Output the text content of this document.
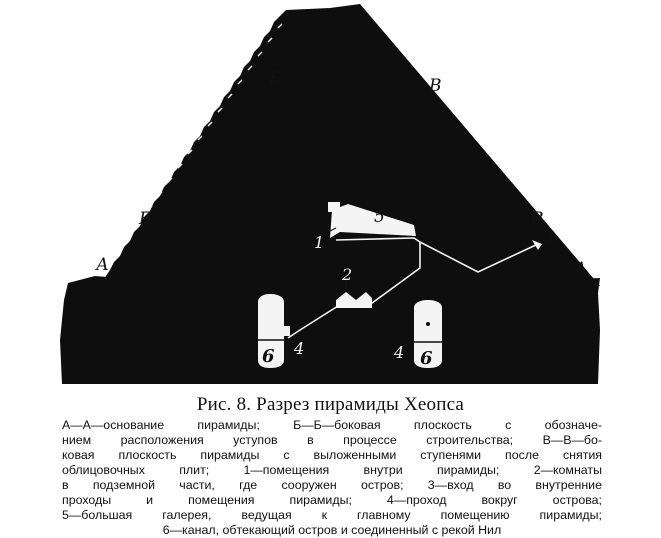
А	А
Б
Б
В
В
3
1
5
2
4	4
6	6
Рис. 8. Разрез пирамиды Хеопса
А—А—основание пирамиды; Б—Б—боковая плоскость с обозначе-
нием расположения уступов в процессе строительства; В—В—бо-
ковая плоскость пирамиды с выложенными ступенями после снятия
облицовочных плит; 1—помещения внутри пирамиды; 2—комнаты
в подземной части, где сооружен остров; 3—вход во внутренние
проходы и помещения пирамиды; 4—проход вокруг острова;
5—большая галерея, ведущая к главному помещению пирамиды;
6—канал, обтекающий остров и соединенный с рекой Нил
